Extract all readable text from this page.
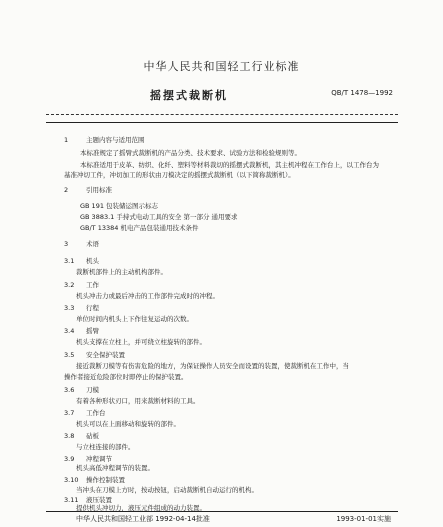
中华人民共和国轻工行业标准
摇摆式裁断机	QB/T 1478—1992
1	主题内容与适用范围
本标准规定了摇臂式裁断机的产品分类、技术要求、试验方法和检验规则等。
本标准适用于皮革、纺织、化纤、塑料等材料裁切的摇摆式裁断机，其主机冲程在工作台上，以工作台为
基准冲切工件，冲切加工的形状由刀模决定的摇摆式裁断机（以下简称裁断机）。
2	引用标准
GB 191 包装储运图示标志
GB 3883.1 手持式电动工具的安全 第一部分 通用要求
GB/T 13384 机电产品包装通用技术条件
3	术语
3.1 机头
裁断机部件上的主动机构部件。
3.2 工作
机头冲击力或最后冲击的工作部件完成时的冲程。
3.3 行程
单位时间内机头上下作往复运动的次数。
3.4 摇臂
机头支撑在立柱上，并可绕立柱旋转的部件。
3.5 安全保护装置
接近裁断刀模等有伤害危险的地方，为保证操作人员安全而设置的装置，使裁断机在工作中，当
操作者接近危险部位时即停止的保护装置。
3.6 刀模
有着各种形状刃口，用来裁断材料的工具。
3.7 工作台
机头可以在上面移动和旋转的部件。
3.8 砧板
与立柱连接的部件。
3.9 冲程调节
机头高低冲程调节的装置。
3.10 操作控制装置
当冲头在刀模上方时，按动按钮，启动裁断机自动运行的机构。
3.11 液压装置
提供机头冲切力，液压元件组成的动力装置。
中华人民共和国轻工业部 1992-04-14批准	1993-01-01实施
